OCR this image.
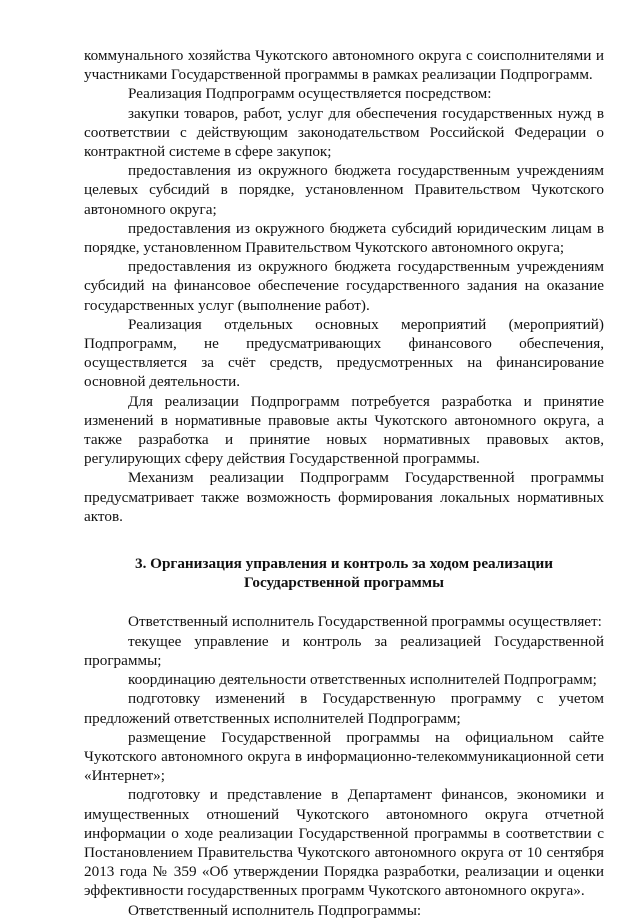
коммунального хозяйства Чукотского автономного округа с соисполнителями и участниками Государственной программы в рамках реализации Подпрограмм.

Реализация Подпрограмм осуществляется посредством:

закупки товаров, работ, услуг для обеспечения государственных нужд в соответствии с действующим законодательством Российской Федерации о контрактной системе в сфере закупок;

предоставления из окружного бюджета государственным учреждениям целевых субсидий в порядке, установленном Правительством Чукотского автономного округа;

предоставления из окружного бюджета субсидий юридическим лицам в порядке, установленном Правительством Чукотского автономного округа;

предоставления из окружного бюджета государственным учреждениям субсидий на финансовое обеспечение государственного задания на оказание государственных услуг (выполнение работ).

Реализация отдельных основных мероприятий (мероприятий) Подпрограмм, не предусматривающих финансового обеспечения, осуществляется за счёт средств, предусмотренных на финансирование основной деятельности.

Для реализации Подпрограмм потребуется разработка и принятие изменений в нормативные правовые акты Чукотского автономного округа, а также разработка и принятие новых нормативных правовых актов, регулирующих сферу действия Государственной программы.

Механизм реализации Подпрограмм Государственной программы предусматривает также возможность формирования локальных нормативных актов.

3. Организация управления и контроль за ходом реализации Государственной программы

Ответственный исполнитель Государственной программы осуществляет:

текущее управление и контроль за реализацией Государственной программы;

координацию деятельности ответственных исполнителей Подпрограмм;

подготовку изменений в Государственную программу с учетом предложений ответственных исполнителей Подпрограмм;

размещение Государственной программы на официальном сайте Чукотского автономного округа в информационно-телекоммуникационной сети «Интернет»;

подготовку и представление в Департамент финансов, экономики и имущественных отношений Чукотского автономного округа отчетной информации о ходе реализации Государственной программы в соответствии с Постановлением Правительства Чукотского автономного округа от 10 сентября 2013 года № 359 «Об утверждении Порядка разработки, реализации и оценки эффективности государственных программ Чукотского автономного округа».

Ответственный исполнитель Подпрограммы:
